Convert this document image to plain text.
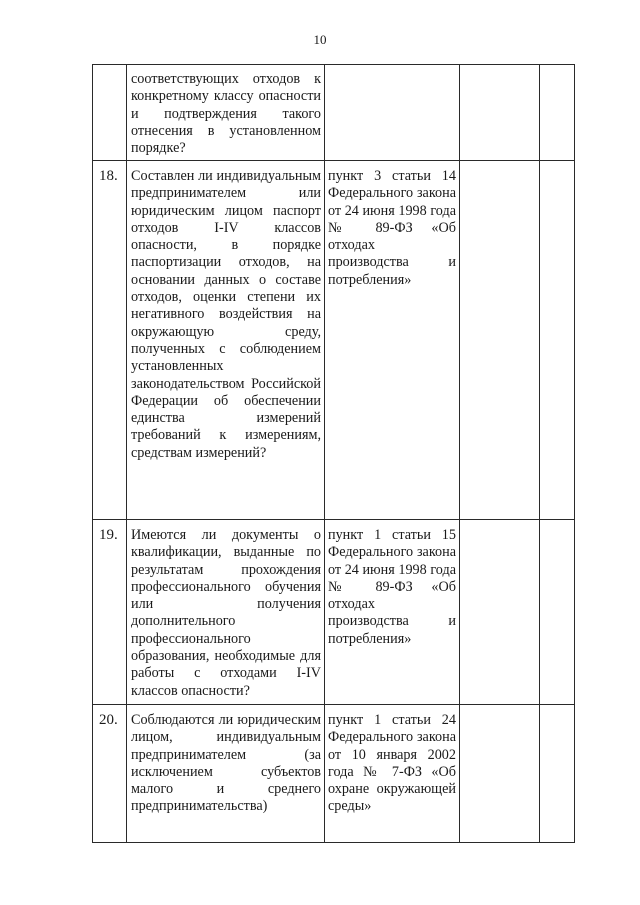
10

	соответствующих отходов к конкретному классу опасности и подтверждения такого отнесения в установленном порядке?			

18.	Составлен ли индивидуальным предпринимателем или юридическим лицом паспорт отходов I-IV классов опасности, в порядке паспортизации отходов, на основании данных о составе отходов, оценки степени их негативного воздействия на окружающую среду, полученных с соблюдением установленных законодательством Российской Федерации об обеспечении единства измерений требований к измерениям, средствам измерений?	пункт 3 статьи 14 Федерального закона от 24 июня 1998 года № 89-ФЗ «Об отходах производства и потребления»		

19.	Имеются ли документы о квалификации, выданные по результатам прохождения профессионального обучения или получения дополнительного профессионального образования, необходимые для работы с отходами I-IV классов опасности?	пункт 1 статьи 15 Федерального закона от 24 июня 1998 года № 89-ФЗ «Об отходах производства и потребления»		

20.	Соблюдаются ли юридическим лицом, индивидуальным предпринимателем (за исключением субъектов малого и среднего предпринимательства)	пункт 1 статьи 24 Федерального закона от 10 января 2002 года № 7-ФЗ «Об охране окружающей среды»		
